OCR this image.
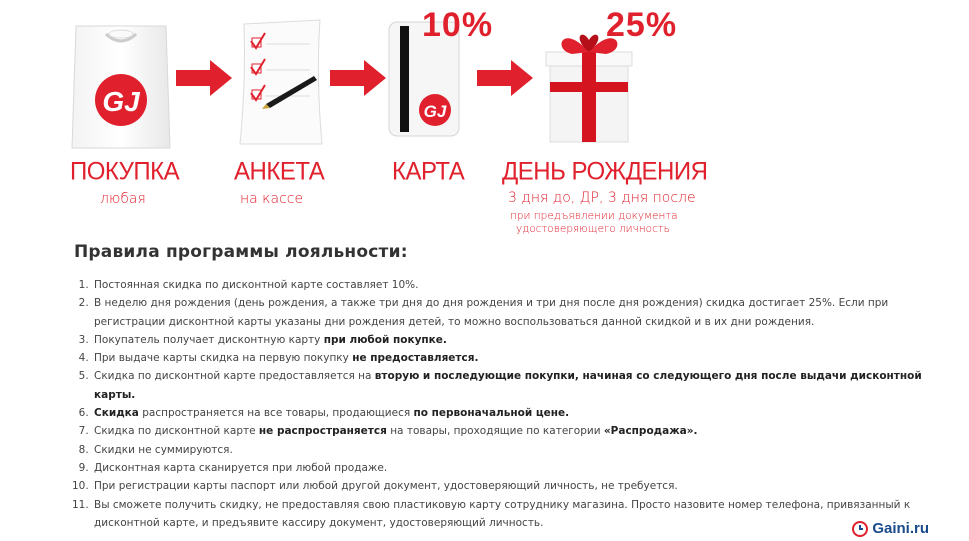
GJ
ПОКУПКА
любая
АНКЕТА
на кассе
GJ
10%
КАРТА
25%
ДЕНЬ РОЖДЕНИЯ
3 дня до, ДР, 3 дня после
при предъявлении документа
удостоверяющего личность
Правила программы лояльности:
1. Постоянная скидка по дисконтной карте составляет 10%.
2. В неделю дня рождения (день рождения, а также три дня до дня рождения и три дня после дня рождения) скидка достигает 25%. Если при регистрации дисконтной карты указаны дни рождения детей, то можно воспользоваться данной скидкой и в их дни рождения.
3. Покупатель получает дисконтную карту при любой покупке.
4. При выдаче карты скидка на первую покупку не предоставляется.
5. Скидка по дисконтной карте предоставляется на вторую и последующие покупки, начиная со следующего дня после выдачи дисконтной карты.
6. Скидка распространяется на все товары, продающиеся по первоначальной цене.
7. Скидка по дисконтной карте не распространяется на товары, проходящие по категории «Распродажа».
8. Скидки не суммируются.
9. Дисконтная карта сканируется при любой продаже.
10. При регистрации карты паспорт или любой другой документ, удостоверяющий личность, не требуется.
11. Вы сможете получить скидку, не предоставляя свою пластиковую карту сотруднику магазина. Просто назовите номер телефона, привязанный к дисконтной карте, и предъявите кассиру документ, удостоверяющий личность.	Gaini.ru
